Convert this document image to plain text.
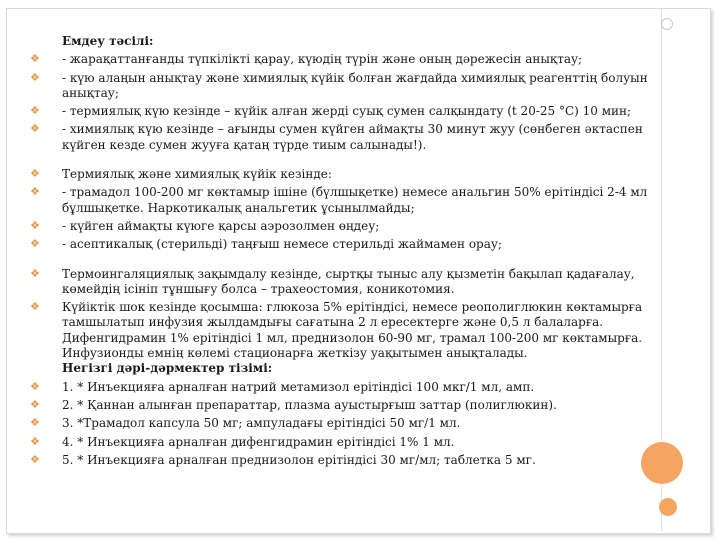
Емдеу тәсілі:
❖ - жарақаттанғанды түпкілікті қарау, күюдің түрін және оның дәрежесін анықтау;
❖ - күю алаңын анықтау және химиялық күйік болған жағдайда химиялық реагенттің болуын анықтау;
❖ - термиялық күю кезінде – күйік алған жерді суық сумен салқындату (t 20-25 °C) 10 мин;
❖ - химиялық күю кезінде – ағынды сумен күйген аймақты 30 минут жуу (сөнбеген әктаспен күйген кезде сумен жууға қатаң түрде тиым салынады!).
❖ Термиялық және химиялық күйік кезінде:
❖ - трамадол 100-200 мг көктамыр ішіне (бүлшықетке) немесе анальгин 50% ерітіндісі 2-4 мл бұлшықетке. Наркотикалық анальгетик ұсынылмайды;
❖ - күйген аймақты күюге қарсы аэрозолмен өңдеу;
❖ - асептикалық (стерильді) таңғыш немесе стерильді жаймамен орау;
❖ Термоингаляциялық зақымдалу кезінде, сыртқы тыныс алу қызметін бақылап қадағалау, көмейдің ісініп тұншығу болса – трахеостомия, коникотомия.
❖ Күйіктік шок кезінде қосымша: глюкоза 5% ерітіндісі, немесе реополиглюкин көктамырға тамшылатып инфузия жылдамдығы сағатына 2 л ересектерге және 0,5 л балаларға. Дифенгидрамин 1% ерітіндісі 1 мл, преднизолон 60-90 мг, трамал 100-200 мг көктамырға. Инфузионды емнің көлемі стационарға жеткізу уақытымен анықталады.
Негізгі дәрі-дәрмектер тізімі:
❖ 1. * Инъекцияға арналған натрий метамизол ерітіндісі 100 мкг/1 мл, амп.
❖ 2. * Қаннан алынған препараттар, плазма ауыстырғыш заттар (полиглюкин).
❖ 3. *Трамадол капсула 50 мг; ампуладағы ерітіндісі 50 мг/1 мл.
❖ 4. * Инъекцияға арналған дифенгидрамин ерітіндісі 1% 1 мл.
❖ 5. * Инъекцияға арналған преднизолон ерітіндісі 30 мг/мл; таблетка 5 мг.
